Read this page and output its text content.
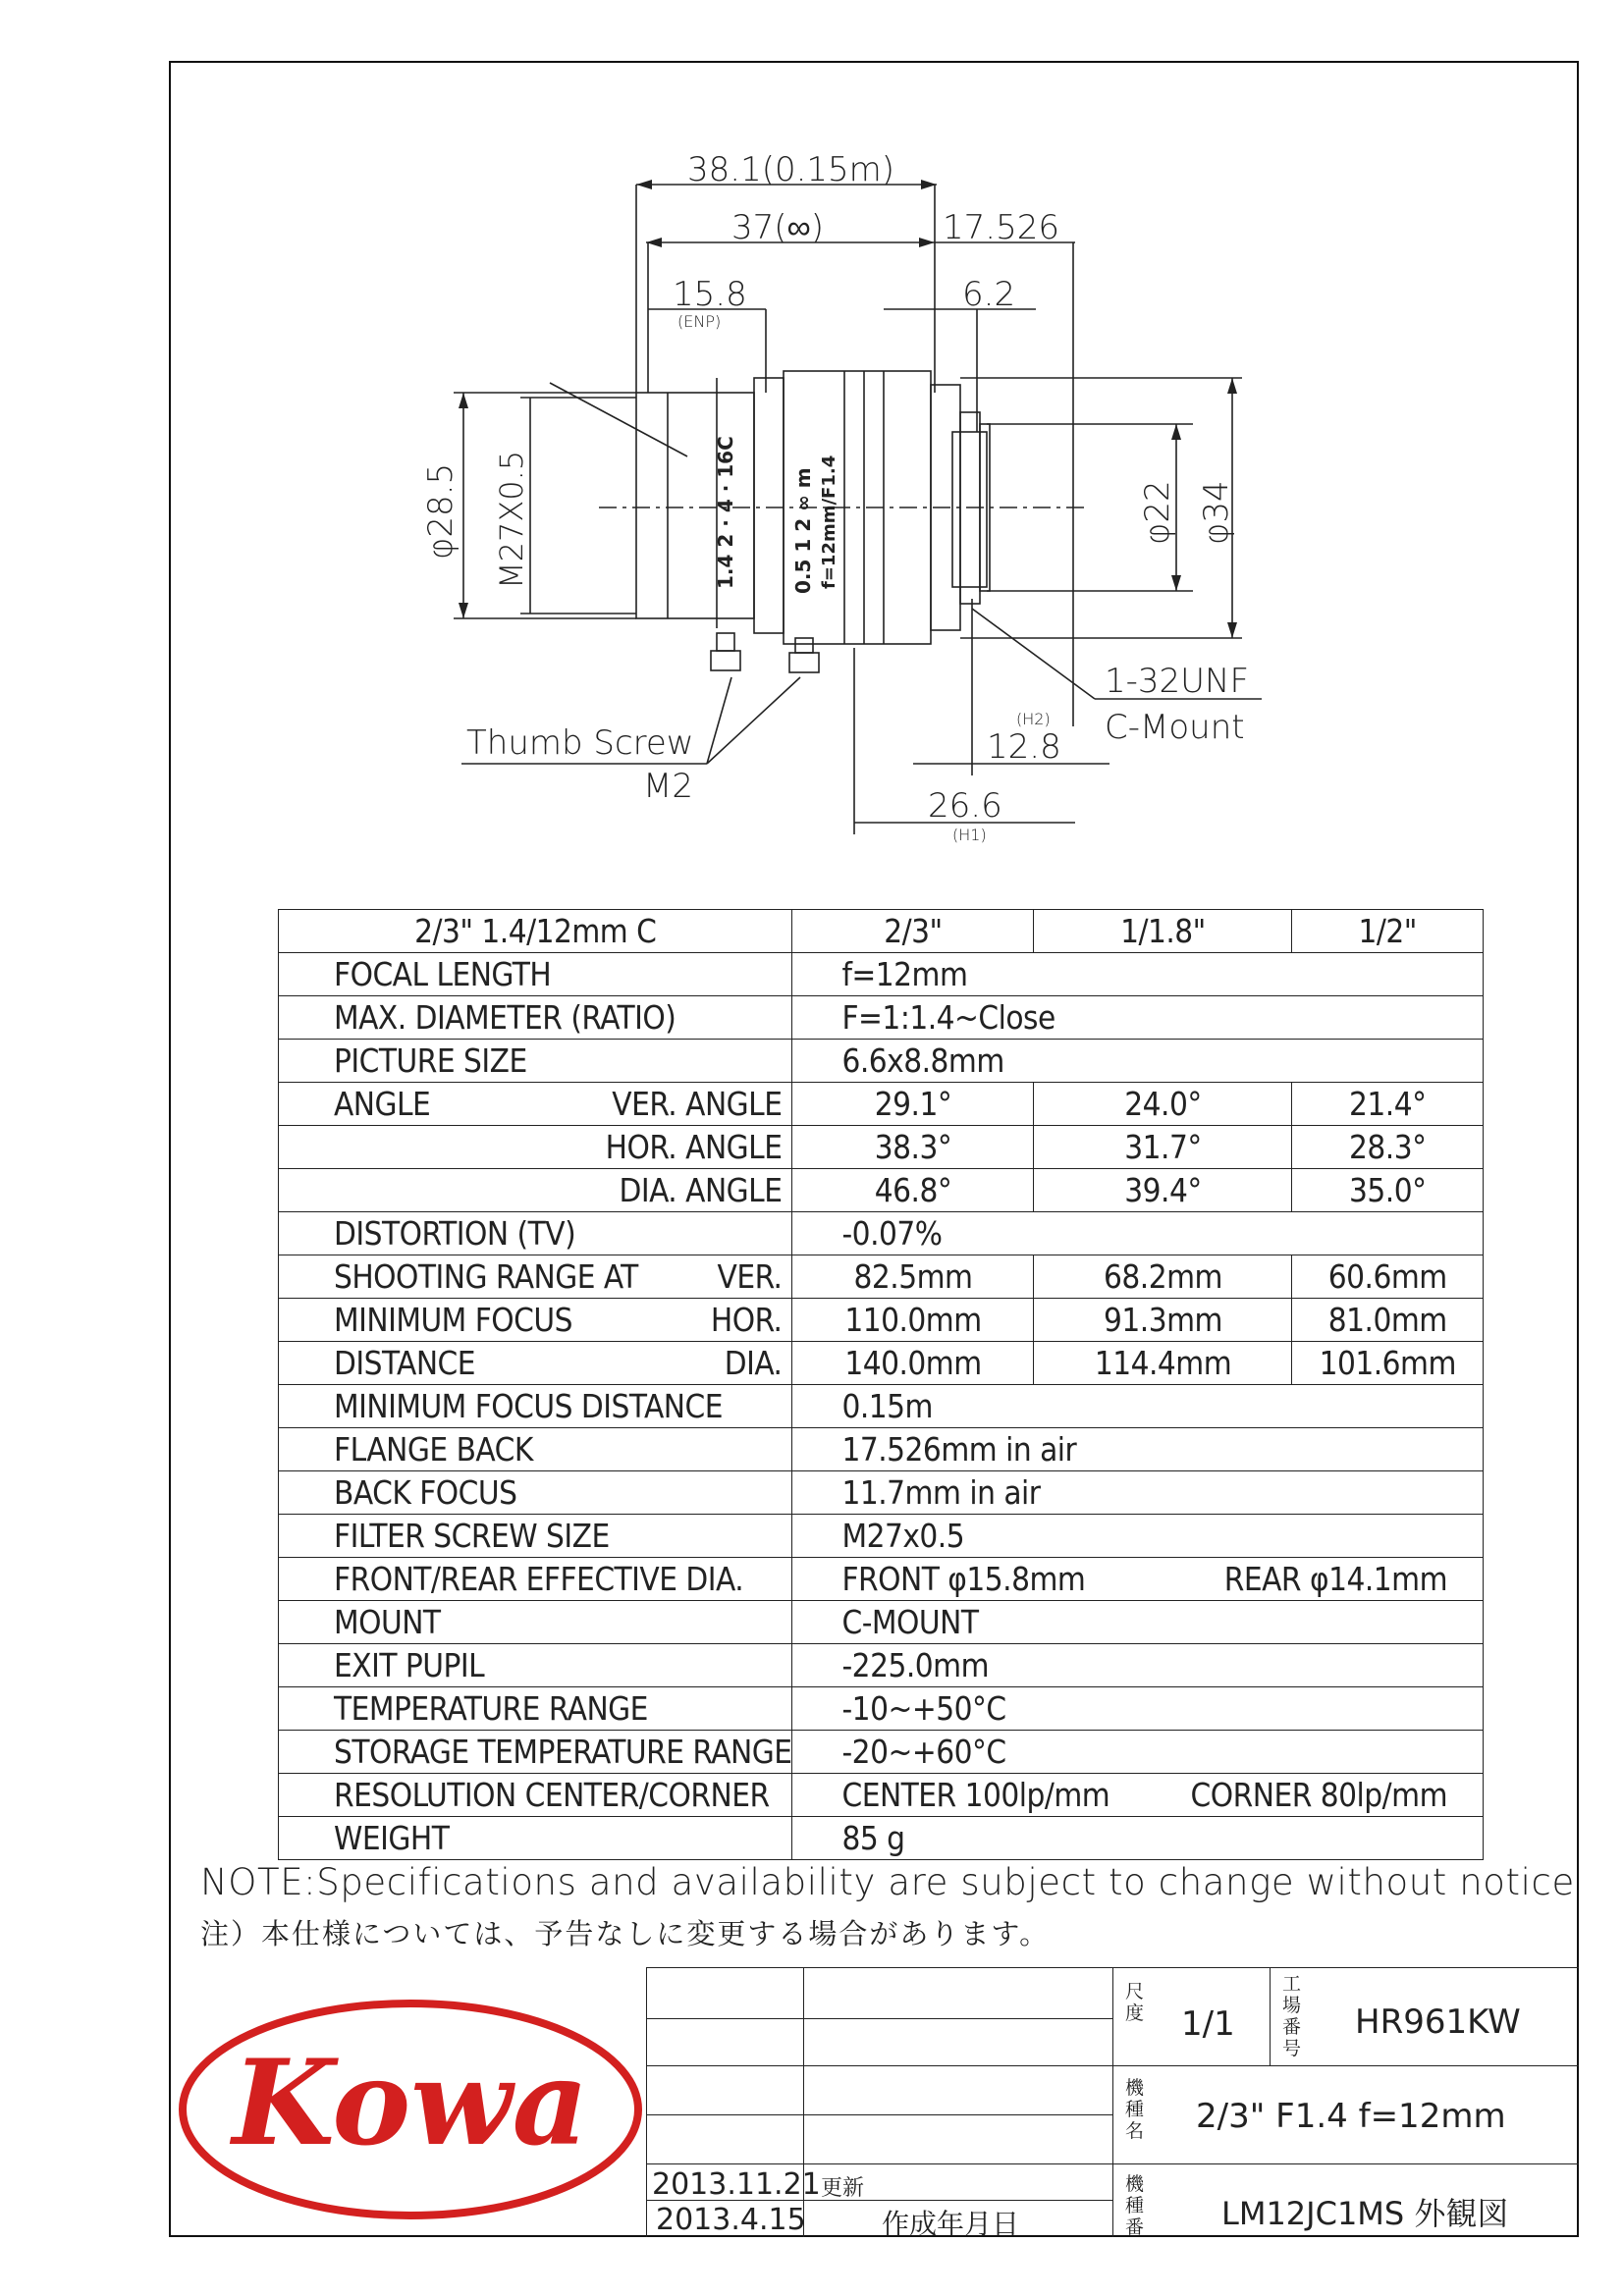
38.1(0.15m)
37(∞)	17.526
15.8
(ENP)
6.2
φ28.5 M27X0.5	φ22 φ34
1-32UNF
C-Mount
(H2)
12.8
26.6
(H1)
Thumb Screw
M2
1.4 2 · 4 · 16C	0.5 1 2 ∞ m f=12mm/F1.4
2/3" 1.4/12mm C	2/3"	1/1.8"	1/2"
FOCAL LENGTH	f=12mm		
MAX. DIAMETER (RATIO)	F=1:1.4~Close		
PICTURE SIZE	6.6x8.8mm		
ANGLE VER. ANGLE	29.1°	24.0°	21.4°
HOR. ANGLE	38.3°	31.7°	28.3°
DIA. ANGLE	46.8°	39.4°	35.0°
DISTORTION (TV)	-0.07%		
SHOOTING RANGE AT VER.	82.5mm	68.2mm	60.6mm
MINIMUM FOCUS HOR.	110.0mm	91.3mm	81.0mm
DISTANCE DIA.	140.0mm	114.4mm	101.6mm
MINIMUM FOCUS DISTANCE	0.15m		
FLANGE BACK	17.526mm in air		
BACK FOCUS	11.7mm in air		
FILTER SCREW SIZE	M27x0.5		
FRONT/REAR EFFECTIVE DIA.	FRONT φ15.8mm REAR φ14.1mm		

MOUNT	C-MOUNT		
EXIT PUPIL	-225.0mm		
TEMPERATURE RANGE	-10~+50°C		
STORAGE TEMPERATURE RANGE	-20~+60°C		
RESOLUTION CENTER/CORNER	CENTER 100lp/mm CORNER 80lp/mm		

WEIGHT	85 g		
NOTE:Specifications and availability are subject to change without notice
注）本仕様については、予告なしに変更する場合があります。
Kowa
2013.11.21 更新
2013.4.15	作成年月日
尺度 1/1
工場番号
HR961KW
機種名 2/3" F1.4 f=12mm
機種番 LM12JC1MS 外観図
